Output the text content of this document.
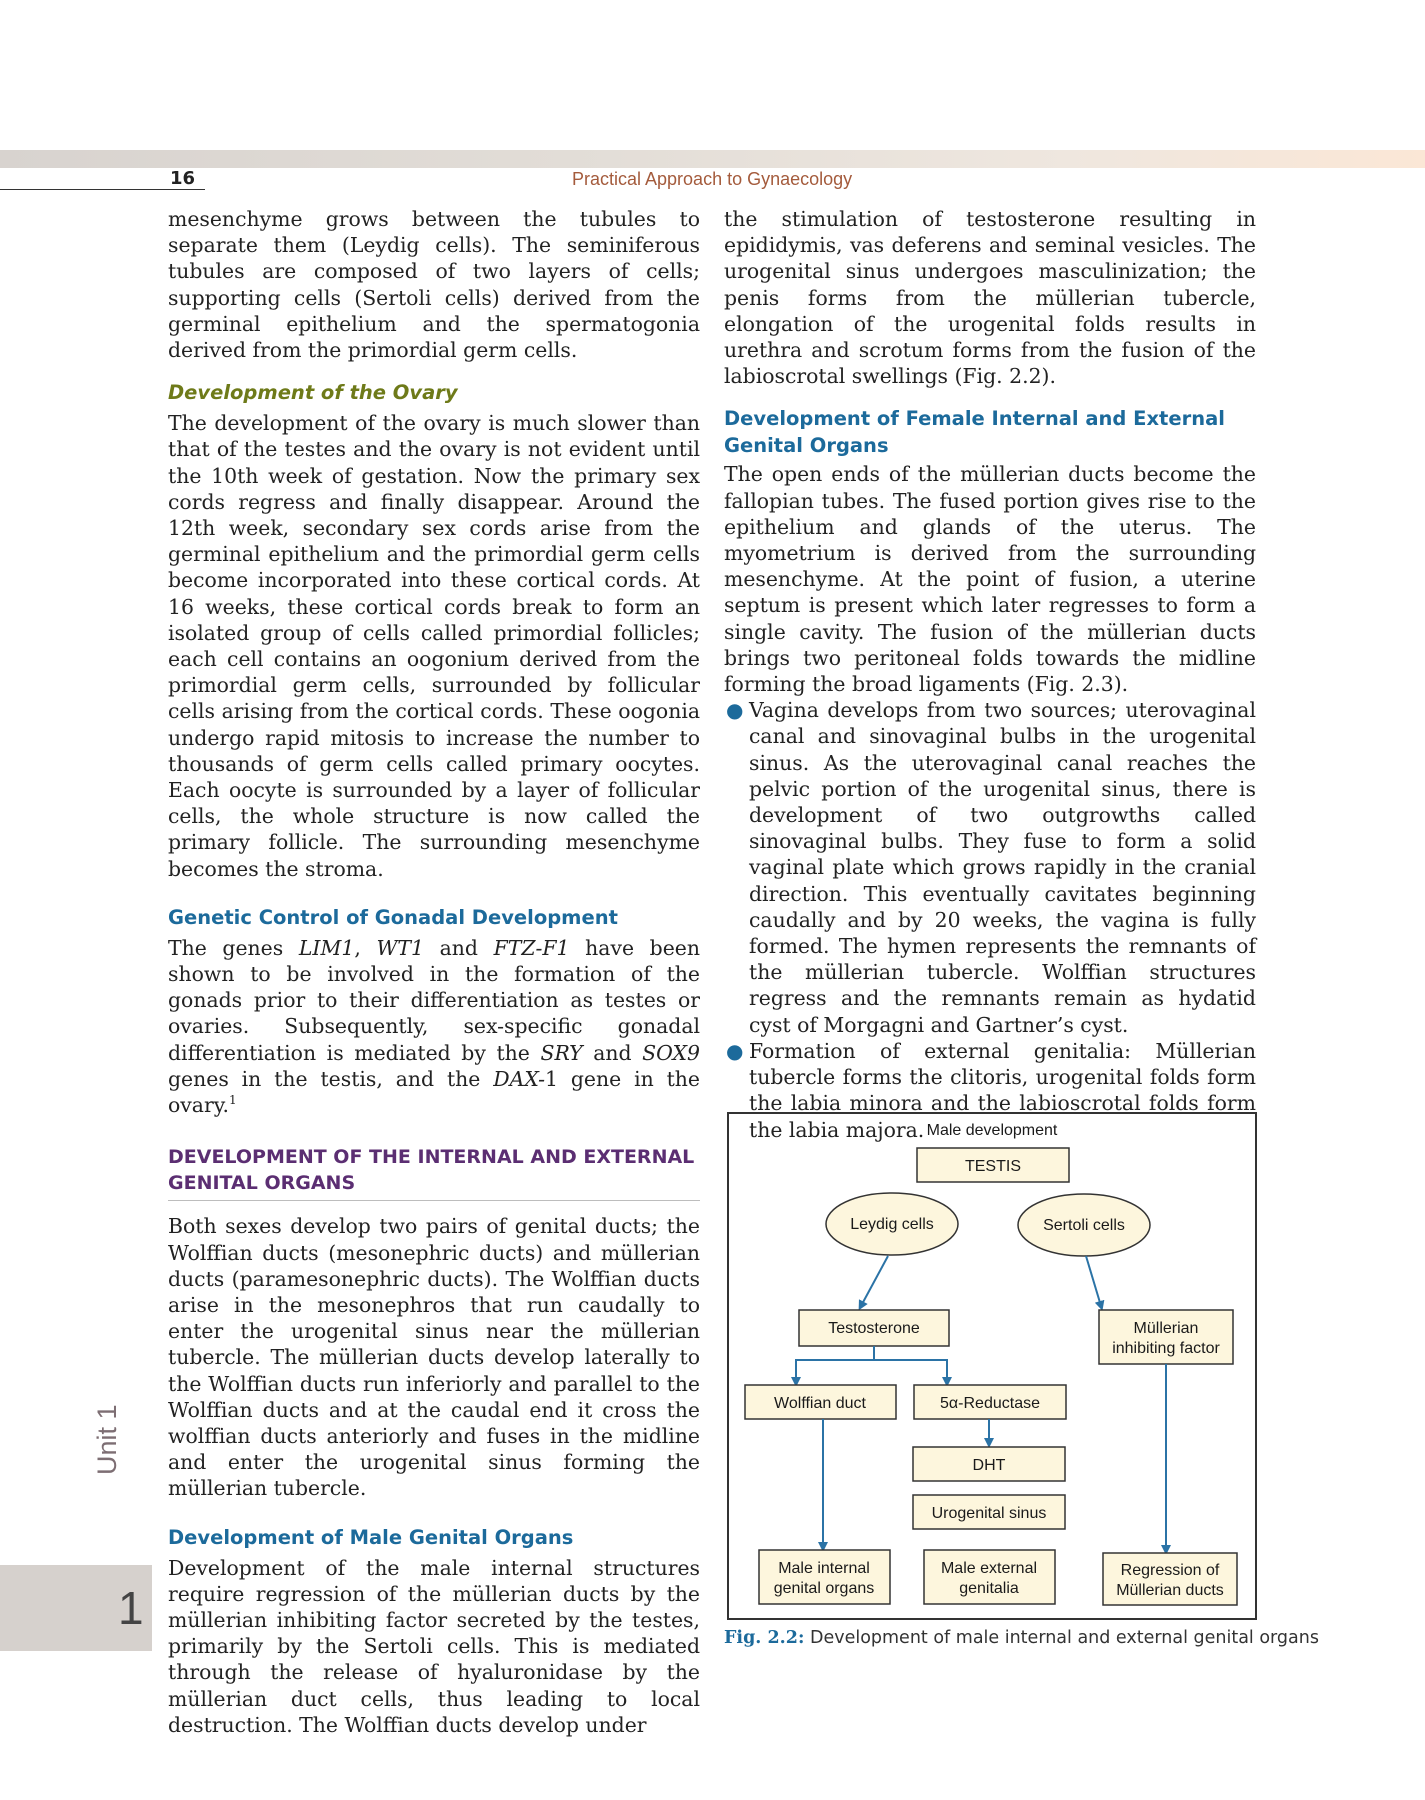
16	Practical Approach to Gynaecology

mesenchyme grows between the tubules to separate them (Leydig cells). The seminiferous tubules are composed of two layers of cells; supporting cells (Sertoli cells) derived from the germinal epithelium and the spermatogonia derived from the primordial germ cells.

Development of the Ovary

The development of the ovary is much slower than that of the testes and the ovary is not evident until the 10th week of gestation. Now the primary sex cords regress and finally disappear. Around the 12th week, secondary sex cords arise from the germinal epithelium and the primordial germ cells become incorporated into these cortical cords. At 16 weeks, these cortical cords break to form an isolated group of cells called primordial follicles; each cell contains an oogonium derived from the primordial germ cells, surrounded by follicular cells arising from the cortical cords. These oogonia undergo rapid mitosis to increase the number to thousands of germ cells called primary oocytes. Each oocyte is surrounded by a layer of follicular cells, the whole structure is now called the primary follicle. The surrounding mesenchyme becomes the stroma.

Genetic Control of Gonadal Development

The genes LIM1, WT1 and FTZ-F1 have been shown to be involved in the formation of the gonads prior to their differentiation as testes or ovaries. Subsequently, sex-specific gonadal differentiation is mediated by the SRY and SOX9 genes in the testis, and the DAX-1 gene in the ovary.$^1$

DEVELOPMENT OF THE INTERNAL AND EXTERNAL
GENITAL ORGANS

Both sexes develop two pairs of genital ducts; the Wolffian ducts (mesonephric ducts) and müllerian ducts (paramesonephric ducts). The Wolffian ducts arise in the mesonephros that run caudally to enter the urogenital sinus near the müllerian tubercle. The müllerian ducts develop laterally to the Wolffian ducts run inferiorly and parallel to the Wolffian ducts and at the caudal end it cross the wolffian ducts anteriorly and fuses in the midline and enter the urogenital sinus forming the müllerian tubercle.

Development of Male Genital Organs

Development of the male internal structures require regression of the müllerian ducts by the müllerian inhibiting factor secreted by the testes, primarily by the Sertoli cells. This is mediated through the release of hyaluronidase by the müllerian duct cells, thus leading to local destruction. The Wolffian ducts develop under

the stimulation of testosterone resulting in epididymis, vas deferens and seminal vesicles. The urogenital sinus undergoes masculinization; the penis forms from the müllerian tubercle, elongation of the urogenital folds results in urethra and scrotum forms from the fusion of the labioscrotal swellings (Fig. 2.2).

Development of Female Internal and External
Genital Organs

The open ends of the müllerian ducts become the fallopian tubes. The fused portion gives rise to the epithelium and glands of the uterus. The myometrium is derived from the surrounding mesenchyme. At the point of fusion, a uterine septum is present which later regresses to form a single cavity. The fusion of the müllerian ducts brings two peritoneal folds towards the midline forming the broad ligaments (Fig. 2.3).

● Vagina develops from two sources; uterovaginal canal and sinovaginal bulbs in the urogenital sinus. As the uterovaginal canal reaches the pelvic portion of the urogenital sinus, there is development of two outgrowths called sinovaginal bulbs. They fuse to form a solid vaginal plate which grows rapidly in the cranial direction. This eventually cavitates beginning caudally and by 20 weeks, the vagina is fully formed. The hymen represents the remnants of the müllerian tubercle. Wolffian structures regress and the remnants remain as hydatid cyst of Morgagni and Gartner’s cyst.
● Formation of external genitalia: Müllerian tubercle forms the clitoris, urogenital folds form the labia minora and the labioscrotal folds form the labia majora. Male development
TESTIS
Leydig cells	Sertoli cells
Testosterone	Müllerian
inhibiting factor
Wolffian duct	5α-Reductase
DHT
Urogenital sinus
Male internal
genital organs
Male external
genitalia
Regression of
Müllerian ducts
Fig. 2.2: Development of male internal and external genital organs
Unit 1
1
